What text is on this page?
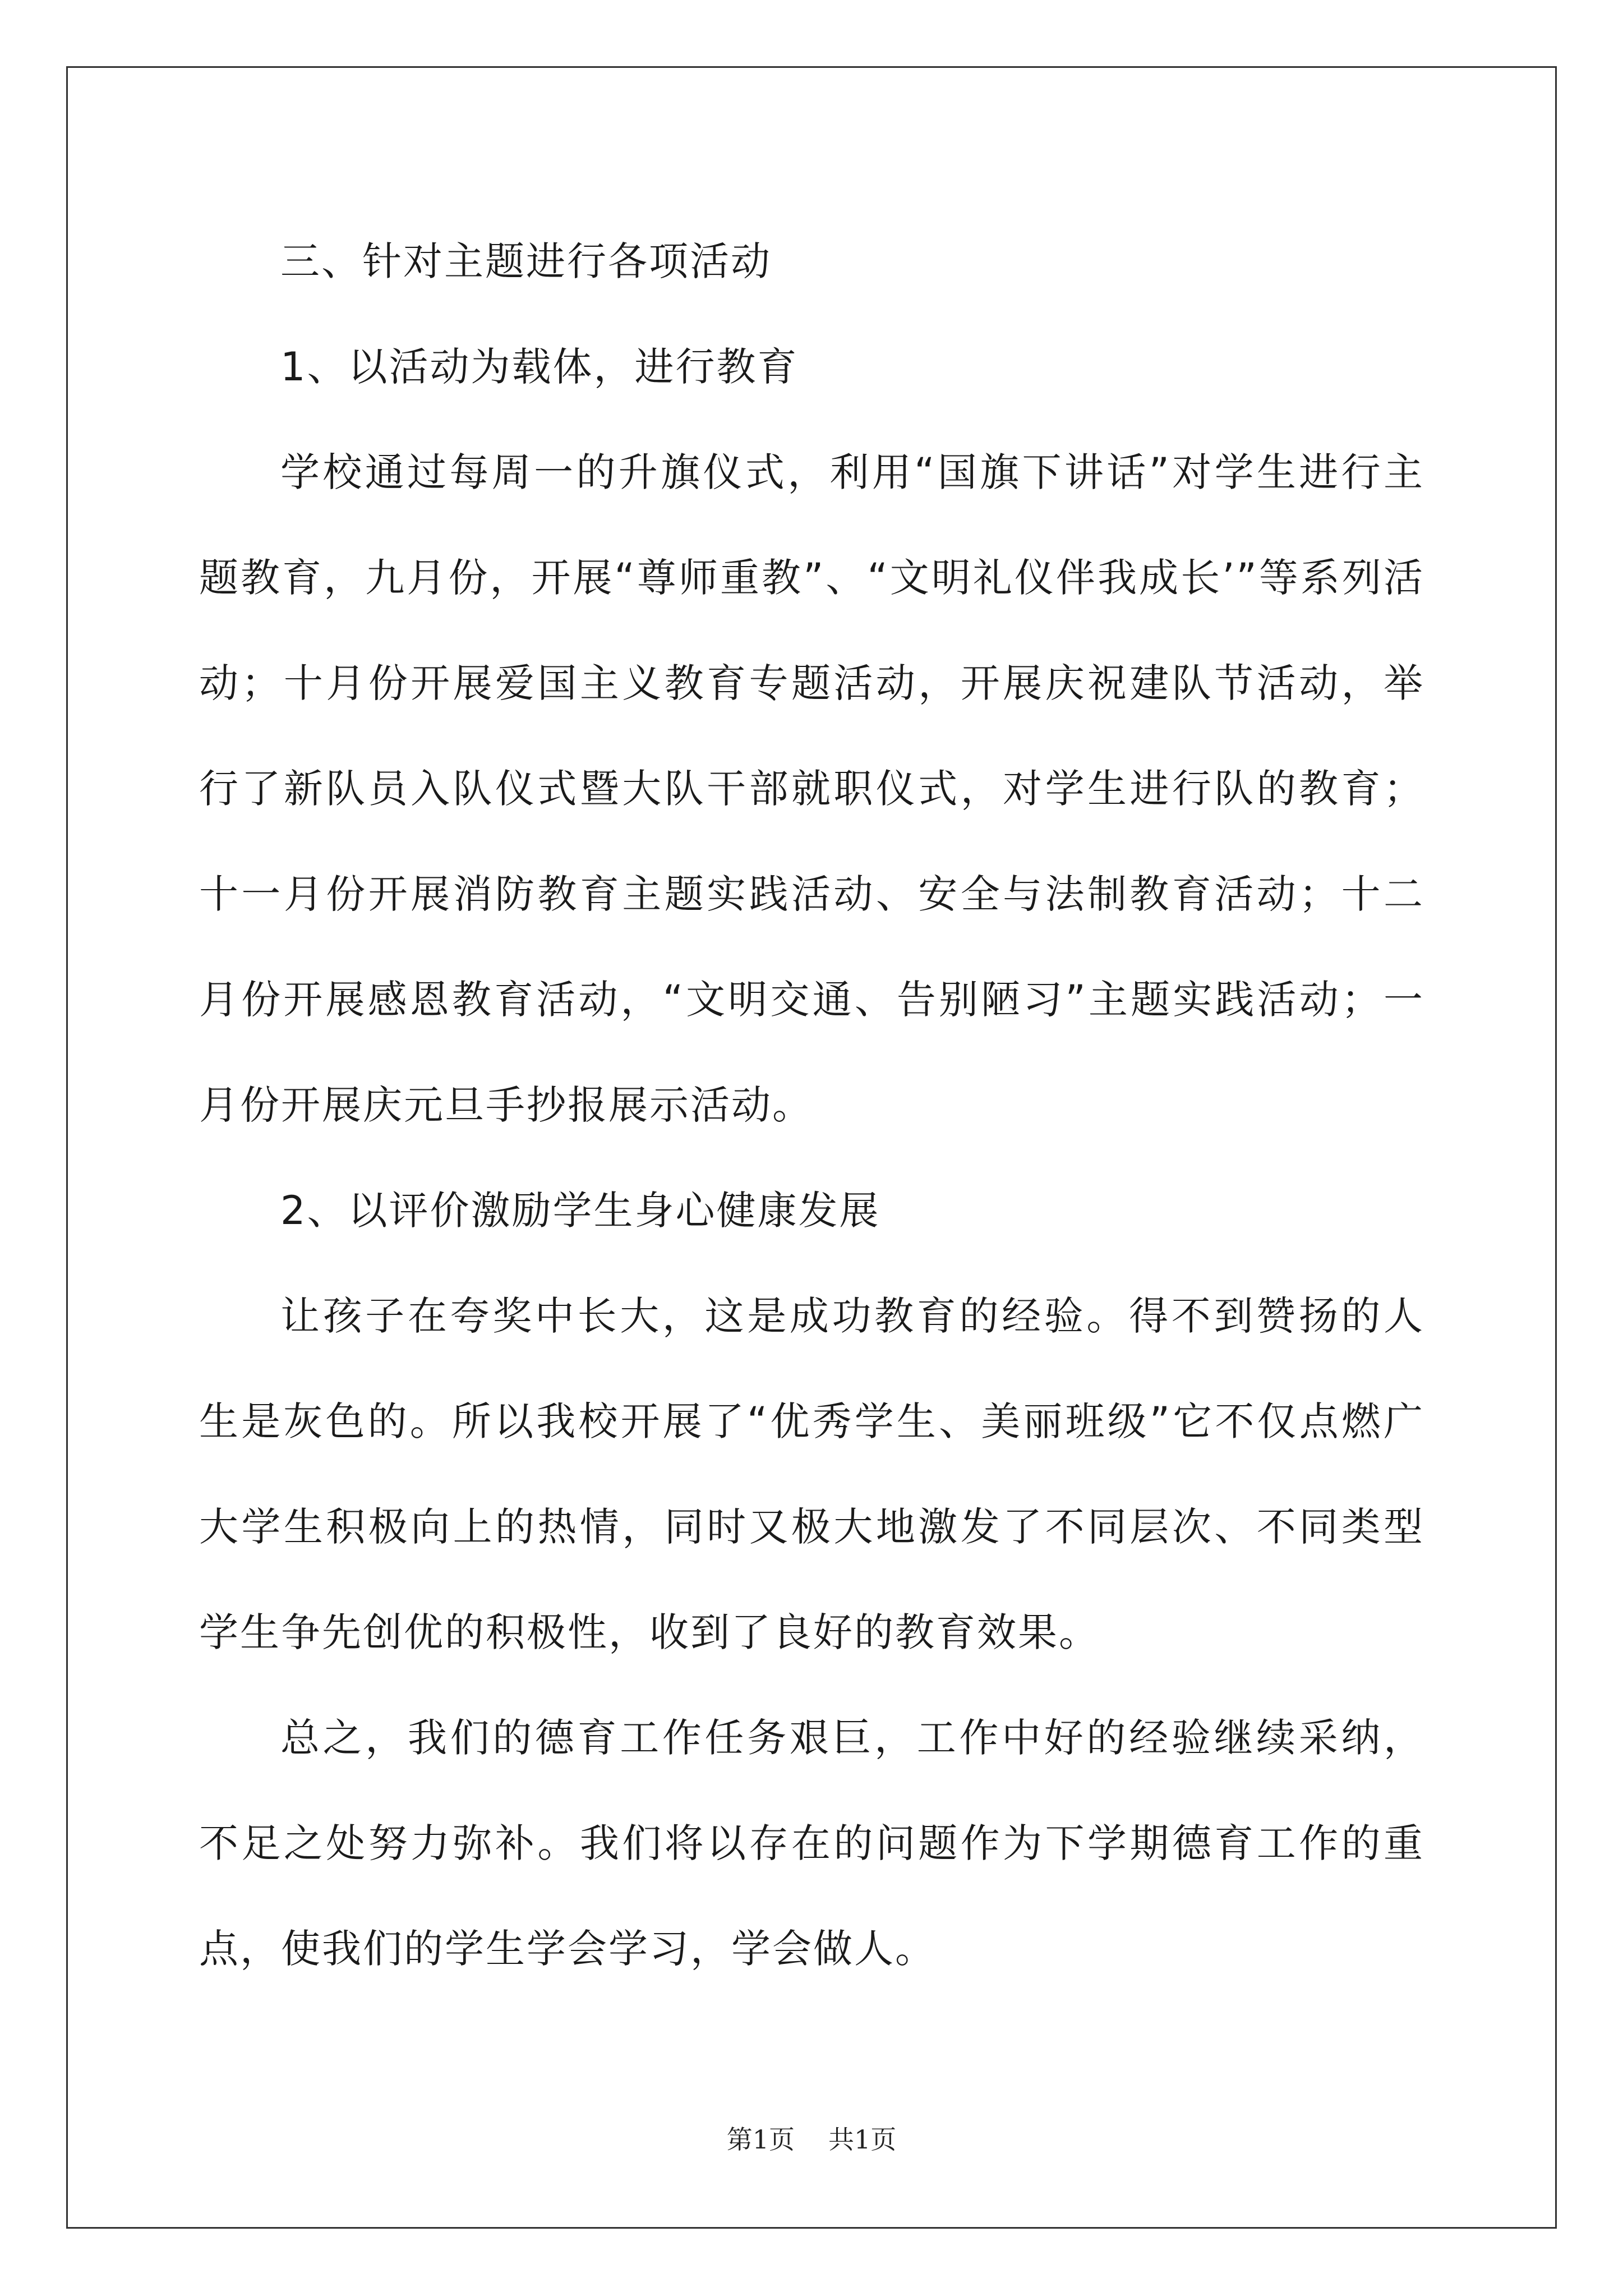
三、针对主题进行各项活动

1、以活动为载体，进行教育

学校通过每周一的升旗仪式，利用“国旗下讲话”对学生进行主题教育，九月份，开展“尊师重教”、“文明礼仪伴我成长’”等系列活动；十月份开展爱国主义教育专题活动，开展庆祝建队节活动，举行了新队员入队仪式暨大队干部就职仪式，对学生进行队的教育；十一月份开展消防教育主题实践活动、安全与法制教育活动；十二月份开展感恩教育活动，“文明交通、告别陋习”主题实践活动；一月份开展庆元旦手抄报展示活动。

2、以评价激励学生身心健康发展

让孩子在夸奖中长大，这是成功教育的经验。得不到赞扬的人生是灰色的。所以我校开展了“优秀学生、美丽班级”它不仅点燃广大学生积极向上的热情，同时又极大地激发了不同层次、不同类型学生争先创优的积极性，收到了良好的教育效果。

总之，我们的德育工作任务艰巨，工作中好的经验继续采纳，不足之处努力弥补。我们将以存在的问题作为下学期德育工作的重点，使我们的学生学会学习，学会做人。

第1页 共1页
